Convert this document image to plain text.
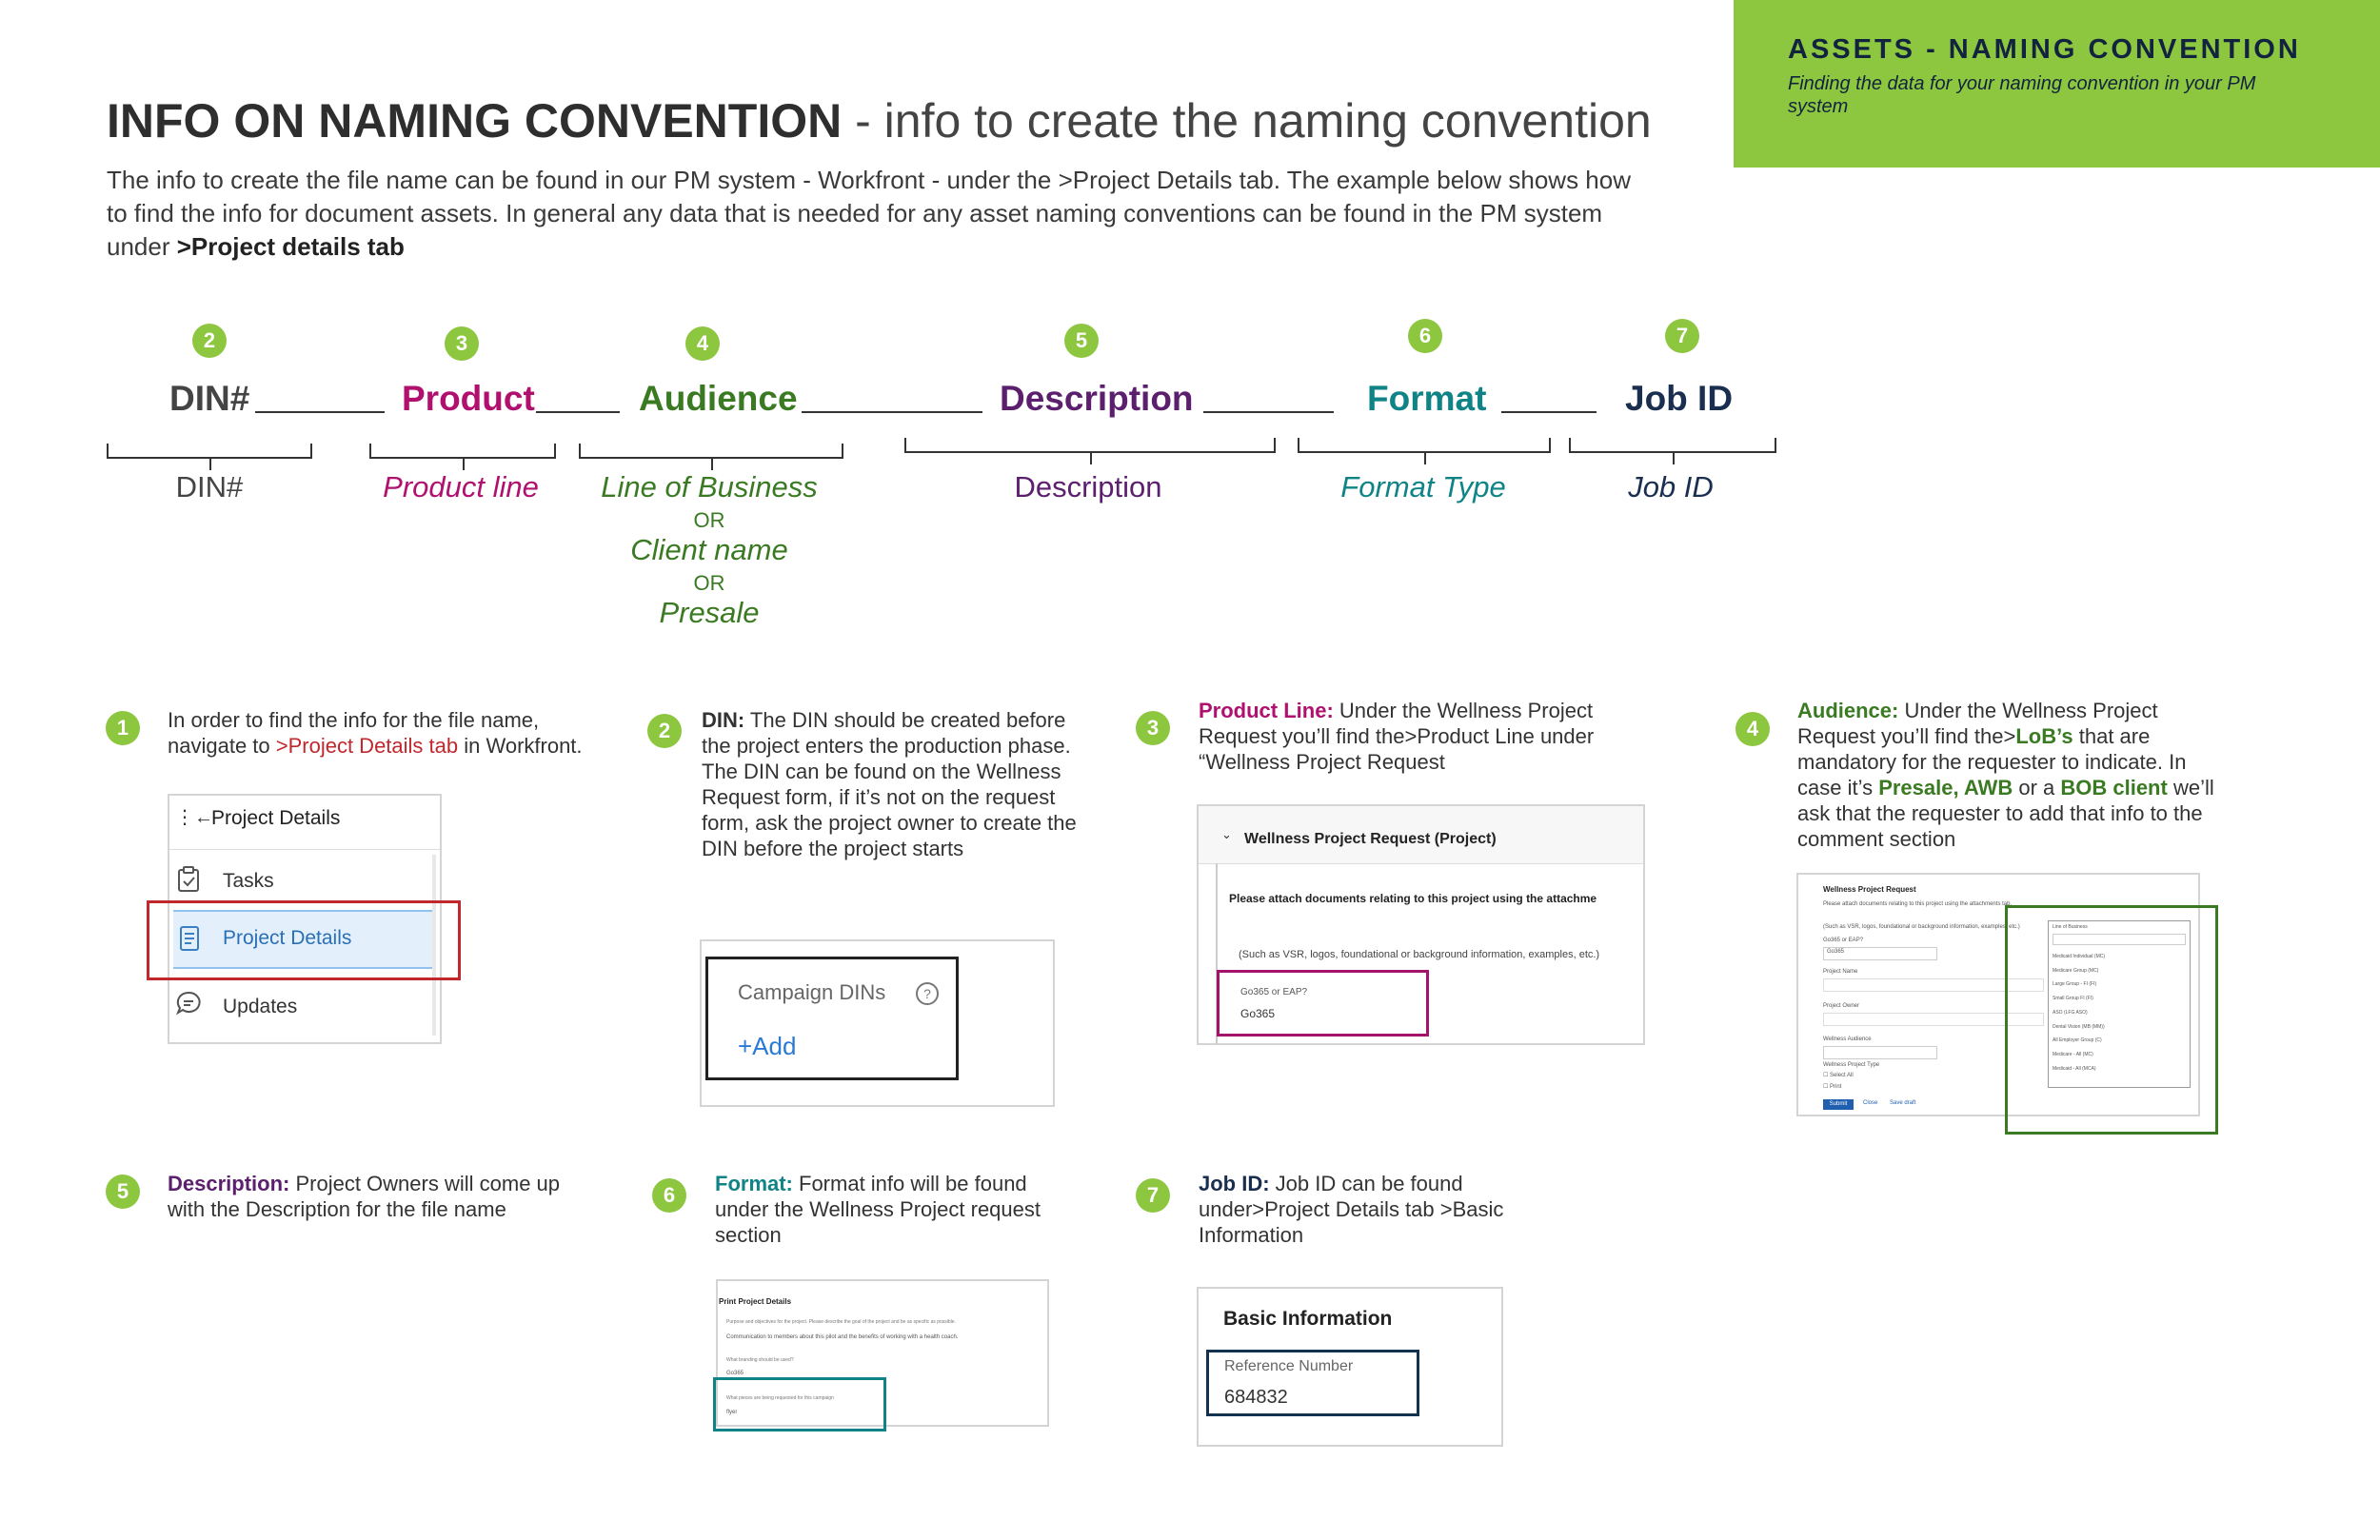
ASSETS - NAMING CONVENTION
Finding the data for your naming convention in your PM system
INFO ON NAMING CONVENTION - info to create the naming convention
The info to create the file name can be found in our PM system - Workfront - under the >Project Details tab. The example below shows how to find the info for document assets. In general any data that is needed for any asset naming conventions can be found in the PM system under >Project details tab
2	3	4	5	6	7
DIN#	Product	Audience	Description	Format	Job ID
DIN#	Product line	Line of Business
OR
Client name
OR
Presale
Description	Format Type	Job ID
1	In order to find the info for the file name, navigate to >Project Details tab in Workfront.
⋮←
Project Details
Tasks
Project Details
Updates
2	DIN: The DIN should be created before the project enters the production phase. The DIN can be found on the Wellness Request form, if it’s not on the request form, ask the project owner to create the DIN before the project starts
Campaign DINs	?
+Add
3
Product Line: Under the Wellness Project Request you’ll find the>Product Line under “Wellness Project Request
⌄ Wellness Project Request (Project)
Please attach documents relating to this project using the attachme
(Such as VSR, logos, foundational or background information, examples, etc.)
Go365 or EAP?
Go365
4
Audience: Under the Wellness Project Request you’ll find the>LoB’s that are mandatory for the requester to indicate. In case it’s Presale, AWB or a BOB client we’ll ask that the requester to add that info to the comment section
Wellness Project Request
Please attach documents relating to this project using the attachments tab.
(Such as VSR, logos, foundational or background information, examples, etc.)
Go365 or EAP?
Go365
Project Name
Project Owner
Wellness Audience
Wellness Project Type
☐ Select All
☐ Print
Submit	Close Save draft
Line of Business
Medicaid Individual (MC)
Medicare Group (MC)
Large Group - FI (FI)
Small Group FI (FI)
ASO (LFG ASO)
Dental Vision (MB (MM))
All Employer Group (C)
Medicare - All (MC)
Medicaid - All (MCA)
5	Description: Project Owners will come up with the Description for the file name
6	Format: Format info will be found under the Wellness Project request section
Print Project Details
Purpose and objectives for the project. Please describe the goal of the project and be as specific as possible.
Communication to members about this pilot and the benefits of working with a health coach.
What branding should be used?
Go365
What pieces are being requested for this campaign
flyer
7	Job ID: Job ID can be found under>Project Details tab >Basic Information
Basic Information
Reference Number
684832
